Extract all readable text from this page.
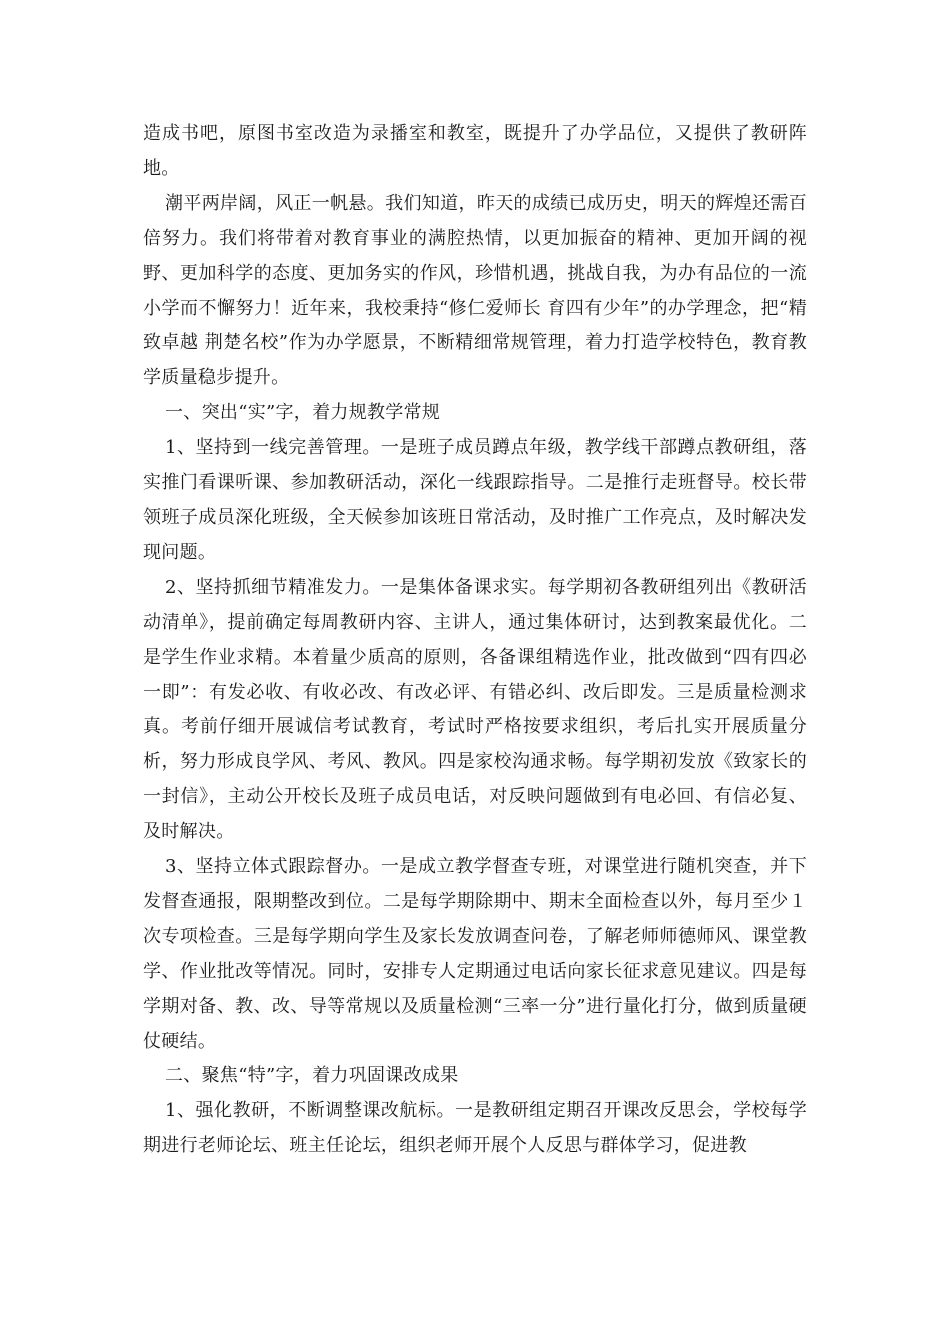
造成书吧，原图书室改造为录播室和教室，既提升了办学品位，又提供了教研阵地。

潮平两岸阔，风正一帆悬。我们知道，昨天的成绩已成历史，明天的辉煌还需百倍努力。我们将带着对教育事业的满腔热情，以更加振奋的精神、更加开阔的视野、更加科学的态度、更加务实的作风，珍惜机遇，挑战自我，为办有品位的一流小学而不懈努力！近年来，我校秉持“修仁爱师长 育四有少年”的办学理念，把“精致卓越 荆楚名校”作为办学愿景，不断精细常规管理，着力打造学校特色，教育教学质量稳步提升。

一、突出“实”字，着力规教学常规

1、坚持到一线完善管理。一是班子成员蹲点年级，教学线干部蹲点教研组，落实推门看课听课、参加教研活动，深化一线跟踪指导。二是推行走班督导。校长带领班子成员深化班级，全天候参加该班日常活动，及时推广工作亮点，及时解决发现问题。

2、坚持抓细节精准发力。一是集体备课求实。每学期初各教研组列出《教研活动清单》，提前确定每周教研内容、主讲人，通过集体研讨，达到教案最优化。二是学生作业求精。本着量少质高的原则，各备课组精选作业，批改做到“四有四必一即”：有发必收、有收必改、有改必评、有错必纠、改后即发。三是质量检测求真。考前仔细开展诚信考试教育，考试时严格按要求组织，考后扎实开展质量分析，努力形成良学风、考风、教风。四是家校沟通求畅。每学期初发放《致家长的一封信》，主动公开校长及班子成员电话，对反映问题做到有电必回、有信必复、及时解决。

3、坚持立体式跟踪督办。一是成立教学督查专班，对课堂进行随机突查，并下发督查通报，限期整改到位。二是每学期除期中、期末全面检查以外，每月至少１次专项检查。三是每学期向学生及家长发放调查问卷，了解老师师德师风、课堂教学、作业批改等情况。同时，安排专人定期通过电话向家长征求意见建议。四是每学期对备、教、改、导等常规以及质量检测“三率一分”进行量化打分，做到质量硬仗硬结。

二、聚焦“特”字，着力巩固课改成果

1、强化教研，不断调整课改航标。一是教研组定期召开课改反思会，学校每学期进行老师论坛、班主任论坛，组织老师开展个人反思与群体学习，促进教
